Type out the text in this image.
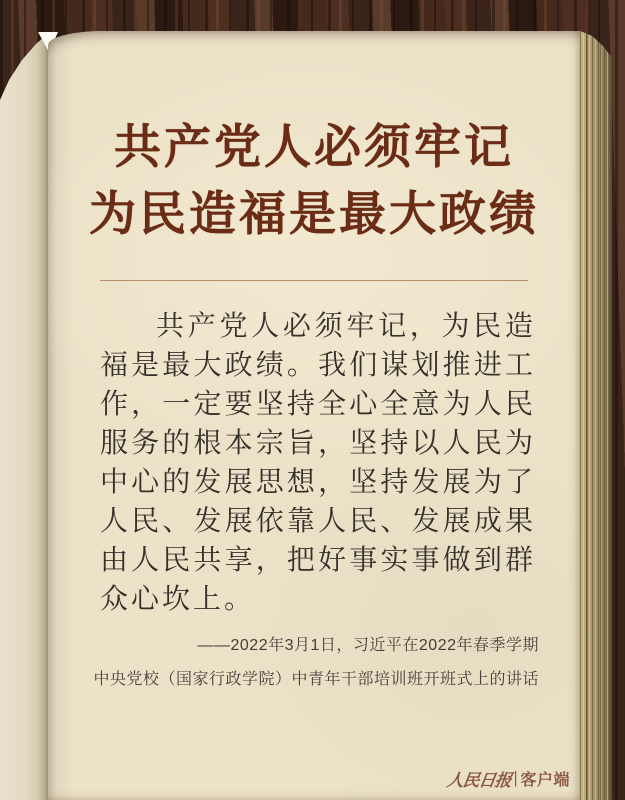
共产党人必须牢记
为民造福是最大政绩
共产党人必须牢记，为民造福是最大政绩。我们谋划推进工作，一定要坚持全心全意为人民服务的根本宗旨，坚持以人民为中心的发展思想，坚持发展为了人民、发展依靠人民、发展成果由人民共享，把好事实事做到群众心坎上。
——2022年3月1日，习近平在2022年春季学期
中央党校（国家行政学院）中青年干部培训班开班式上的讲话
人民日报 | 客户端
